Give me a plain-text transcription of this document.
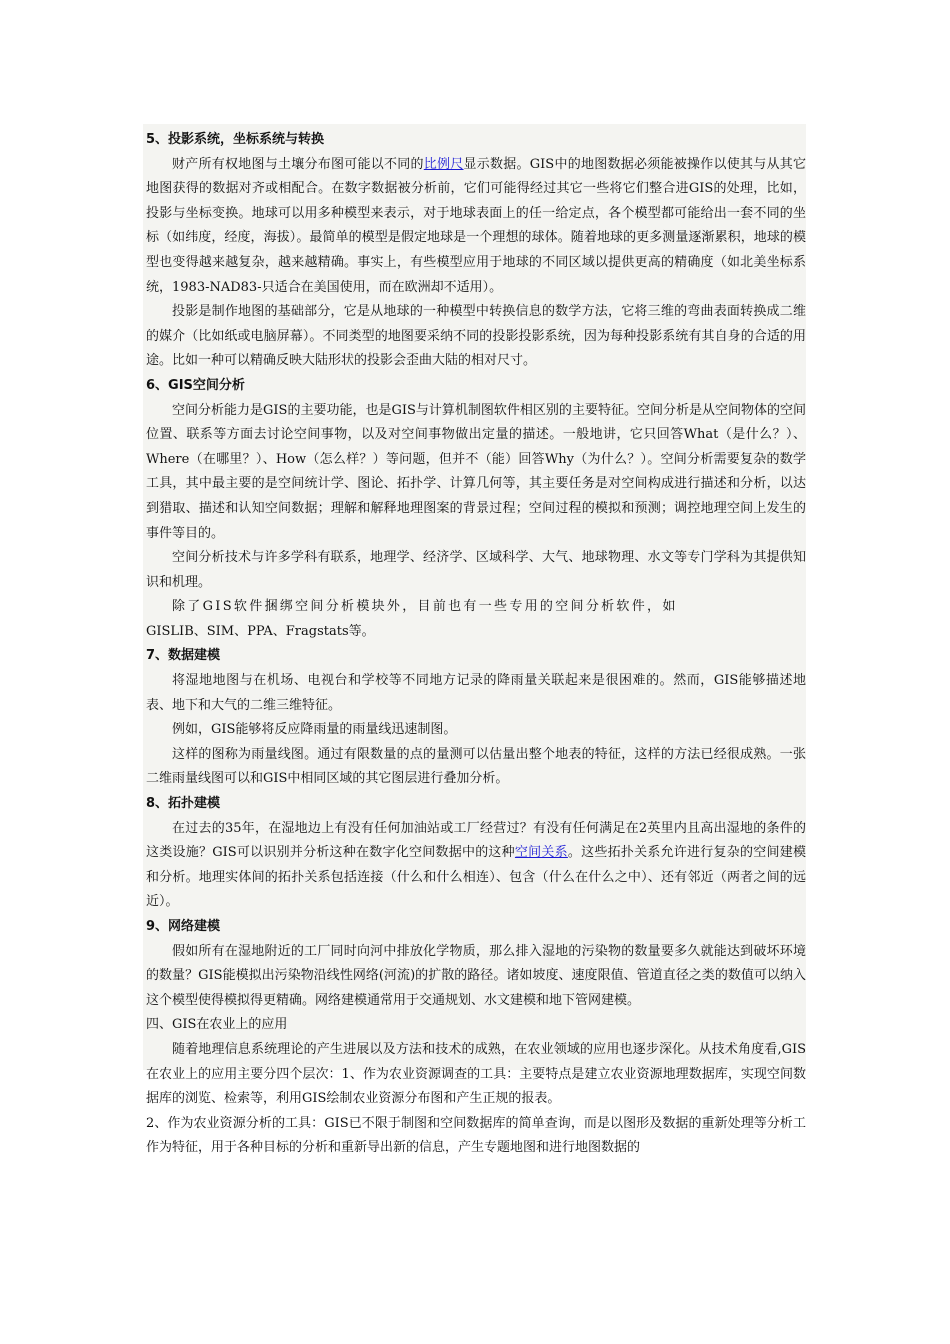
5、投影系统，坐标系统与转换

财产所有权地图与土壤分布图可能以不同的比例尺显示数据。GIS中的地图数据必须能被操作以使其与从其它地图获得的数据对齐或相配合。在数字数据被分析前，它们可能得经过其它一些将它们整合进GIS的处理，比如，投影与坐标变换。地球可以用多种模型来表示，对于地球表面上的任一给定点，各个模型都可能给出一套不同的坐标（如纬度，经度，海拔）。最简单的模型是假定地球是一个理想的球体。随着地球的更多测量逐渐累积，地球的模型也变得越来越复杂，越来越精确。事实上，有些模型应用于地球的不同区域以提供更高的精确度（如北美坐标系统，1983-NAD83-只适合在美国使用，而在欧洲却不适用）。

投影是制作地图的基础部分，它是从地球的一种模型中转换信息的数学方法，它将三维的弯曲表面转换成二维的媒介（比如纸或电脑屏幕）。不同类型的地图要采纳不同的投影投影系统，因为每种投影系统有其自身的合适的用途。比如一种可以精确反映大陆形状的投影会歪曲大陆的相对尺寸。

6、GIS空间分析

空间分析能力是GIS的主要功能，也是GIS与计算机制图软件相区别的主要特征。空间分析是从空间物体的空间位置、联系等方面去讨论空间事物，以及对空间事物做出定量的描述。一般地讲，它只回答What（是什么？）、Where（在哪里？）、How（怎么样？）等问题，但并不（能）回答Why（为什么？）。空间分析需要复杂的数学工具，其中最主要的是空间统计学、图论、拓扑学、计算几何等，其主要任务是对空间构成进行描述和分析，以达到猎取、描述和认知空间数据；理解和解释地理图案的背景过程；空间过程的模拟和预测；调控地理空间上发生的事件等目的。

空间分析技术与许多学科有联系，地理学、经济学、区域科学、大气、地球物理、水文等专门学科为其提供知识和机理。

除了GIS软件捆绑空间分析模块外，目前也有一些专用的空间分析软件，如

GISLIB、SIM、PPA、Fragstats等。

7、数据建模

将湿地地图与在机场、电视台和学校等不同地方记录的降雨量关联起来是很困难的。然而，GIS能够描述地表、地下和大气的二维三维特征。

例如，GIS能够将反应降雨量的雨量线迅速制图。

这样的图称为雨量线图。通过有限数量的点的量测可以估量出整个地表的特征，这样的方法已经很成熟。一张二维雨量线图可以和GIS中相同区域的其它图层进行叠加分析。

8、拓扑建模

在过去的35年，在湿地边上有没有任何加油站或工厂经营过？有没有任何满足在2英里内且高出湿地的条件的这类设施？GIS可以识别并分析这种在数字化空间数据中的这种空间关系。这些拓扑关系允许进行复杂的空间建模和分析。地理实体间的拓扑关系包括连接（什么和什么相连）、包含（什么在什么之中）、还有邻近（两者之间的远近）。

9、网络建模

假如所有在湿地附近的工厂同时向河中排放化学物质，那么排入湿地的污染物的数量要多久就能达到破坏环境的数量？GIS能模拟出污染物沿线性网络(河流)的扩散的路径。诸如坡度、速度限值、管道直径之类的数值可以纳入这个模型使得模拟得更精确。网络建模通常用于交通规划、水文建模和地下管网建模。

四、GIS在农业上的应用

随着地理信息系统理论的产生进展以及方法和技术的成熟，在农业领域的应用也逐步深化。从技术角度看,GIS在农业上的应用主要分四个层次：1、作为农业资源调查的工具：主要特点是建立农业资源地理数据库，实现空间数据库的浏览、检索等，利用GIS绘制农业资源分布图和产生正规的报表。

2、作为农业资源分析的工具：GIS已不限于制图和空间数据库的简单查询，而是以图形及数据的重新处理等分析工作为特征，用于各种目标的分析和重新导出新的信息，产生专题地图和进行地图数据的
